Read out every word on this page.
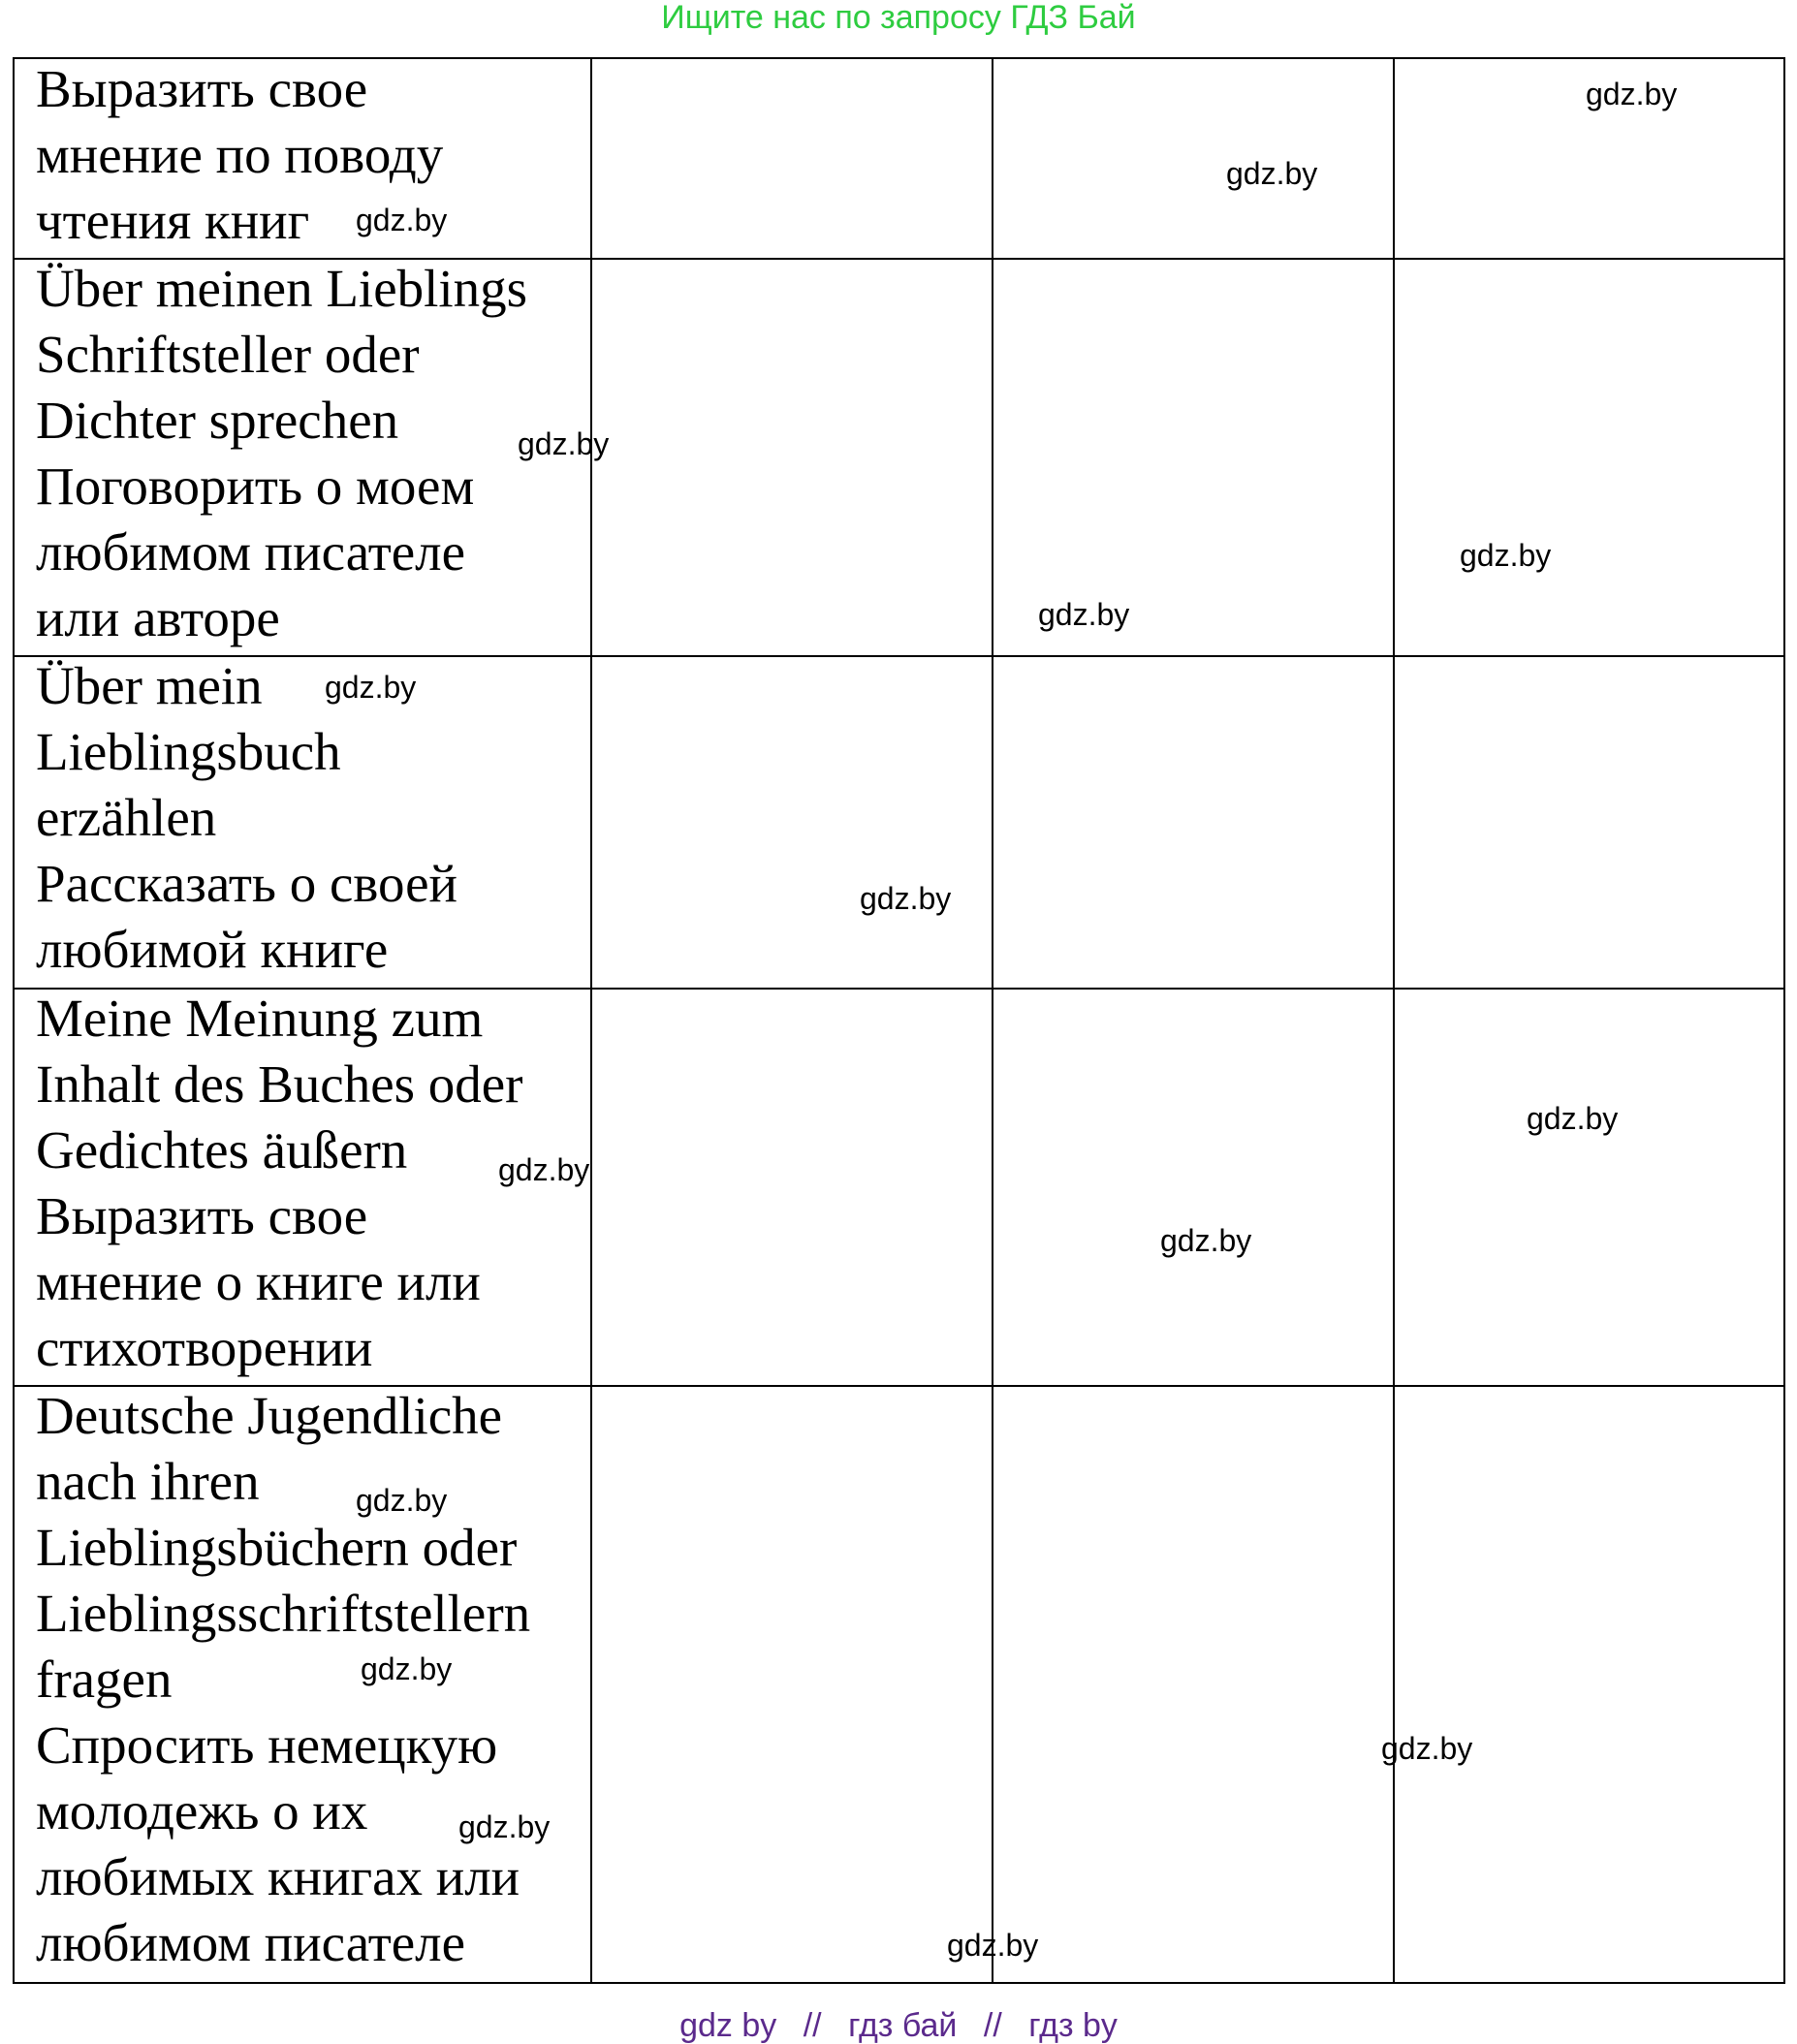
Ищите нас по запросу ГДЗ Бай
Выразить свое
мнение по поводу
чтения книг
Über meinen Lieblings
Schriftsteller oder
Dichter sprechen
Поговорить о моем
любимом писателе
или авторе
Über mein
Lieblingsbuch
erzählen
Рассказать о своей
любимой книге
Meine Meinung zum
Inhalt des Buches oder
Gedichtes äußern
Выразить свое
мнение о книге или
стихотворении
Deutsche Jugendliche
nach ihren
Lieblingsbüchern oder
Lieblingsschriftstellern
fragen
Спросить немецкую
молодежь о их
любимых книгах или
любимом писателе
gdz.by
gdz.by
gdz.by
gdz.by
gdz.by
gdz.by
gdz.by
gdz.by
gdz.by
gdz.by
gdz.by
gdz.by
gdz.by
gdz.by
gdz.by
gdz.by
gdz by // гдз бай // гдз by
